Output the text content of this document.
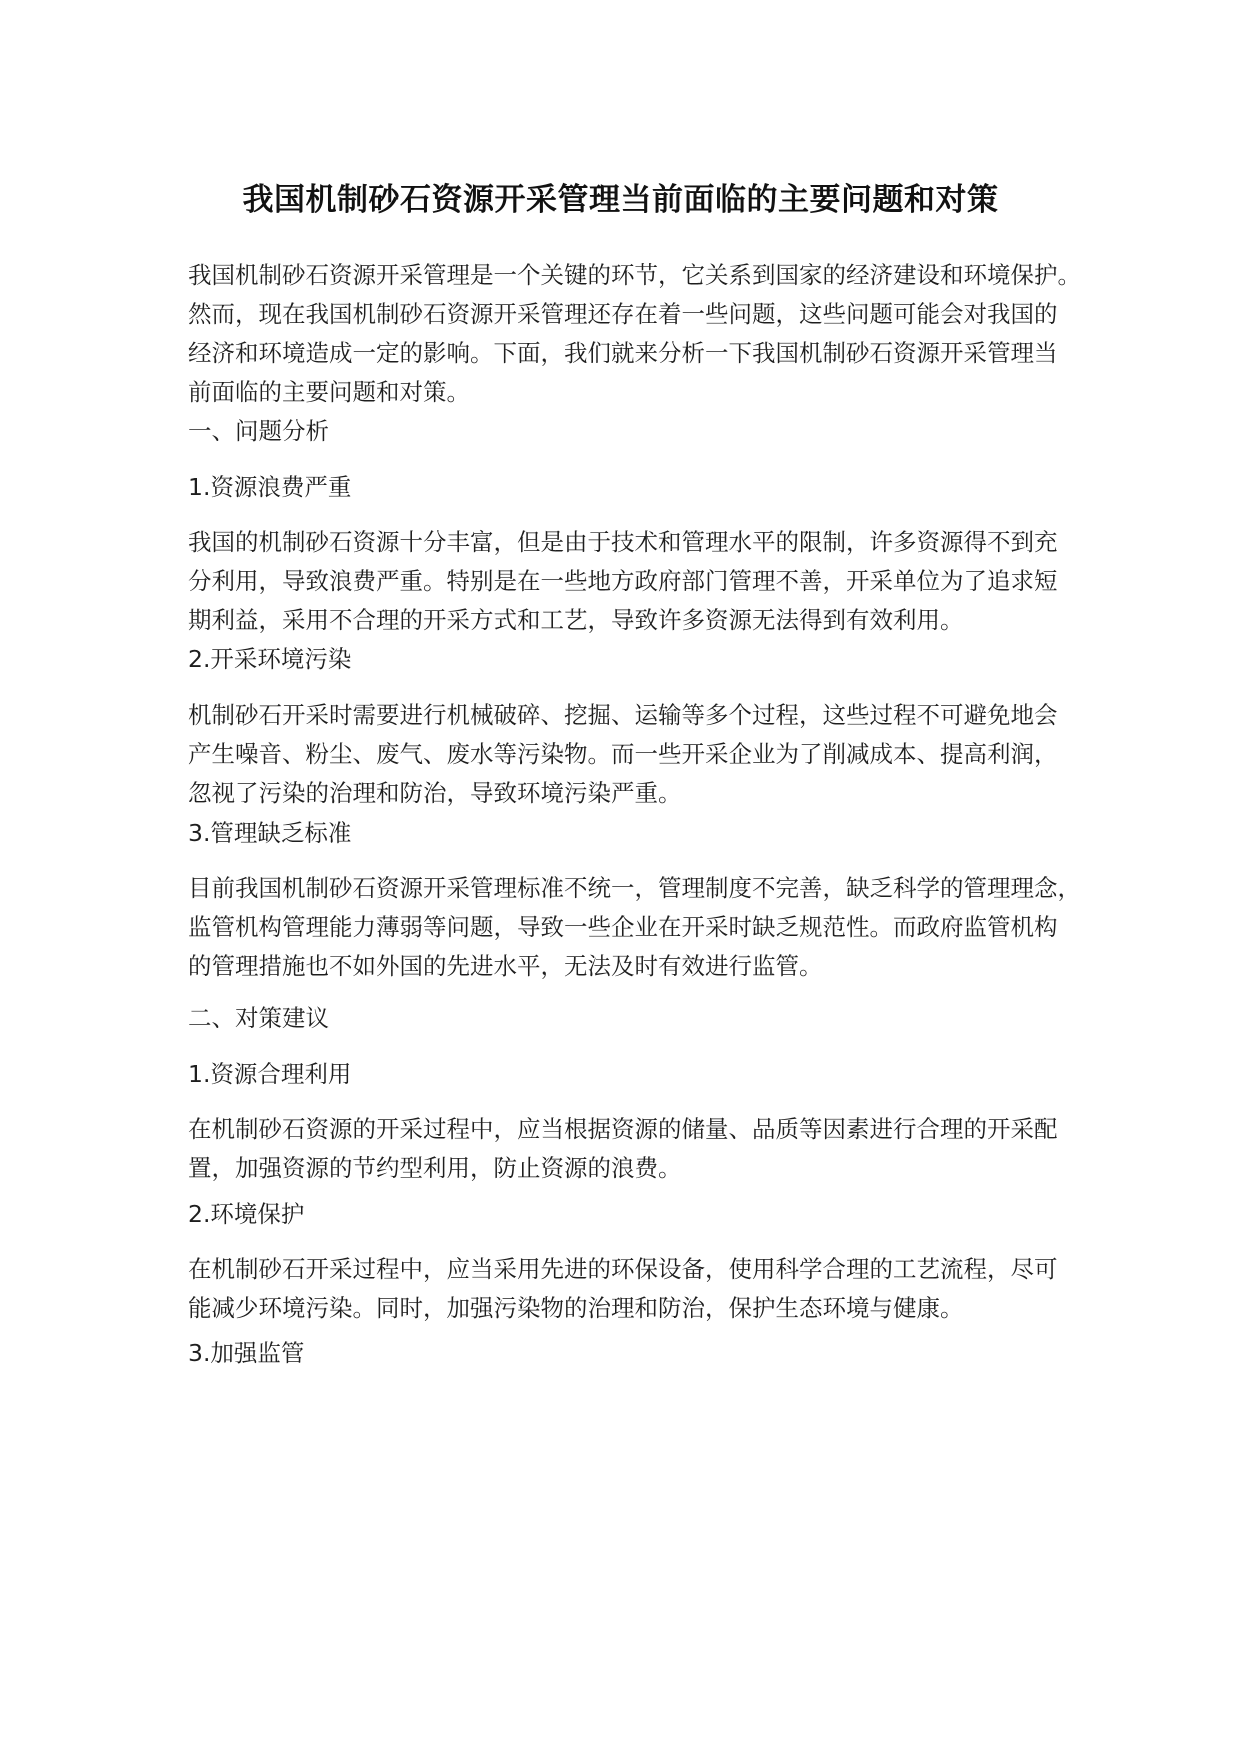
我国机制砂石资源开采管理当前面临的主要问题和对策
我国机制砂石资源开采管理是一个关键的环节，它关系到国家的经济建设和环境保护。
然而，现在我国机制砂石资源开采管理还存在着一些问题，这些问题可能会对我国的
经济和环境造成一定的影响。下面，我们就来分析一下我国机制砂石资源开采管理当
前面临的主要问题和对策。
一、问题分析
1.资源浪费严重
我国的机制砂石资源十分丰富，但是由于技术和管理水平的限制，许多资源得不到充
分利用，导致浪费严重。特别是在一些地方政府部门管理不善，开采单位为了追求短
期利益，采用不合理的开采方式和工艺，导致许多资源无法得到有效利用。
2.开采环境污染
机制砂石开采时需要进行机械破碎、挖掘、运输等多个过程，这些过程不可避免地会
产生噪音、粉尘、废气、废水等污染物。而一些开采企业为了削减成本、提高利润，
忽视了污染的治理和防治，导致环境污染严重。
3.管理缺乏标准
目前我国机制砂石资源开采管理标准不统一，管理制度不完善，缺乏科学的管理理念，
监管机构管理能力薄弱等问题，导致一些企业在开采时缺乏规范性。而政府监管机构
的管理措施也不如外国的先进水平，无法及时有效进行监管。
二、对策建议
1.资源合理利用
在机制砂石资源的开采过程中，应当根据资源的储量、品质等因素进行合理的开采配
置，加强资源的节约型利用，防止资源的浪费。
2.环境保护
在机制砂石开采过程中，应当采用先进的环保设备，使用科学合理的工艺流程，尽可
能减少环境污染。同时，加强污染物的治理和防治，保护生态环境与健康。
3.加强监管
